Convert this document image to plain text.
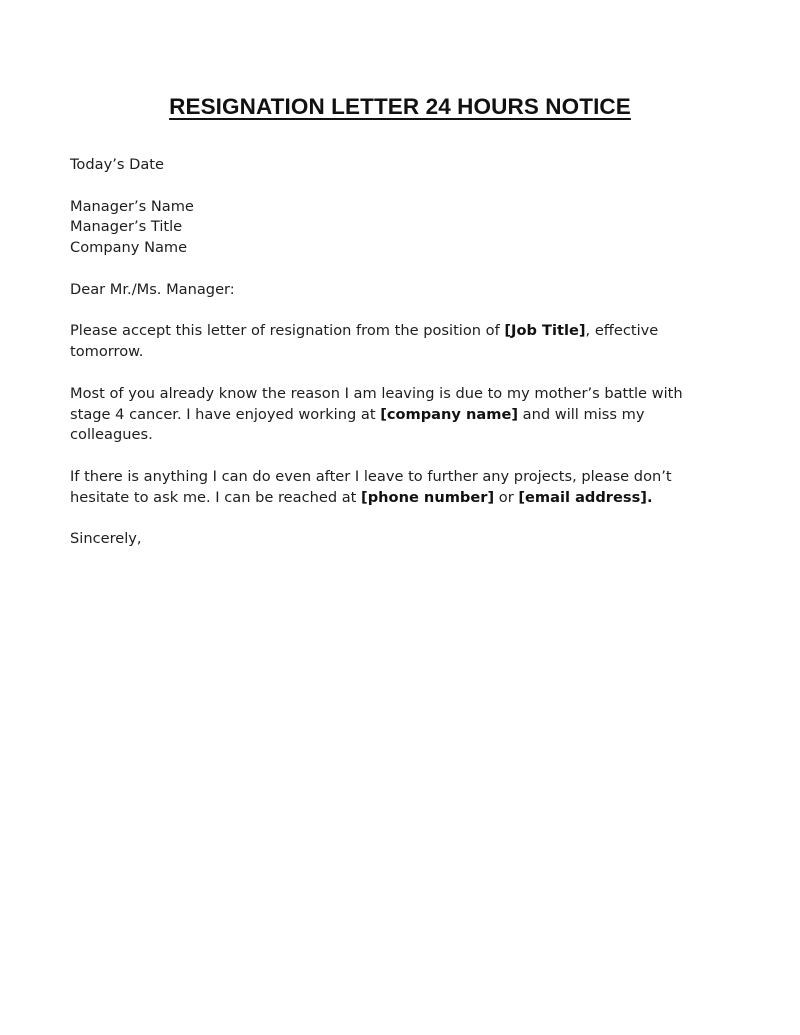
RESIGNATION LETTER 24 HOURS NOTICE
Today’s Date
Manager’s Name
Manager’s Title
Company Name
Dear Mr./Ms. Manager:
Please accept this letter of resignation from the position of [Job Title], effective
tomorrow.
Most of you already know the reason I am leaving is due to my mother’s battle with
stage 4 cancer. I have enjoyed working at [company name] and will miss my
colleagues.
If there is anything I can do even after I leave to further any projects, please don’t
hesitate to ask me. I can be reached at [phone number] or [email address].
Sincerely,
